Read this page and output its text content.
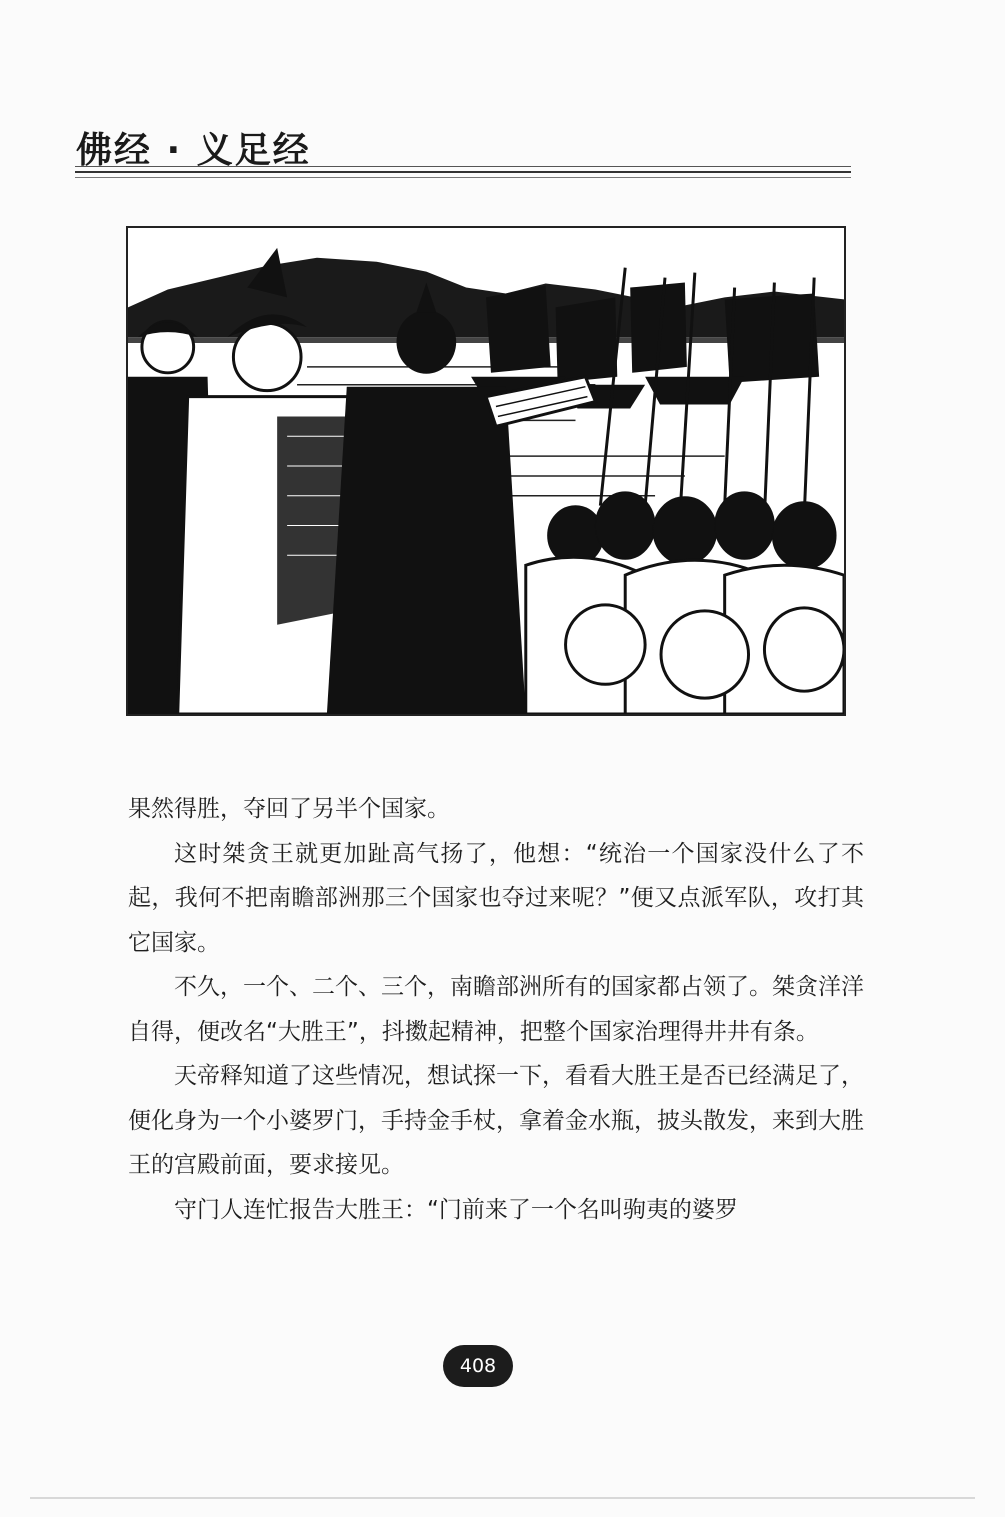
佛经 · 义足经

果然得胜，夺回了另半个国家。

这时桀贪王就更加趾高气扬了，他想：“统治一个国家没什么了不起，我何不把南瞻部洲那三个国家也夺过来呢？”便又点派军队，攻打其它国家。

不久，一个、二个、三个，南瞻部洲所有的国家都占领了。桀贪洋洋自得，便改名“大胜王”，抖擞起精神，把整个国家治理得井井有条。

天帝释知道了这些情况，想试探一下，看看大胜王是否已经满足了，便化身为一个小婆罗门，手持金手杖，拿着金水瓶，披头散发，来到大胜王的宫殿前面，要求接见。

守门人连忙报告大胜王：“门前来了一个名叫驹夷的婆罗

408
